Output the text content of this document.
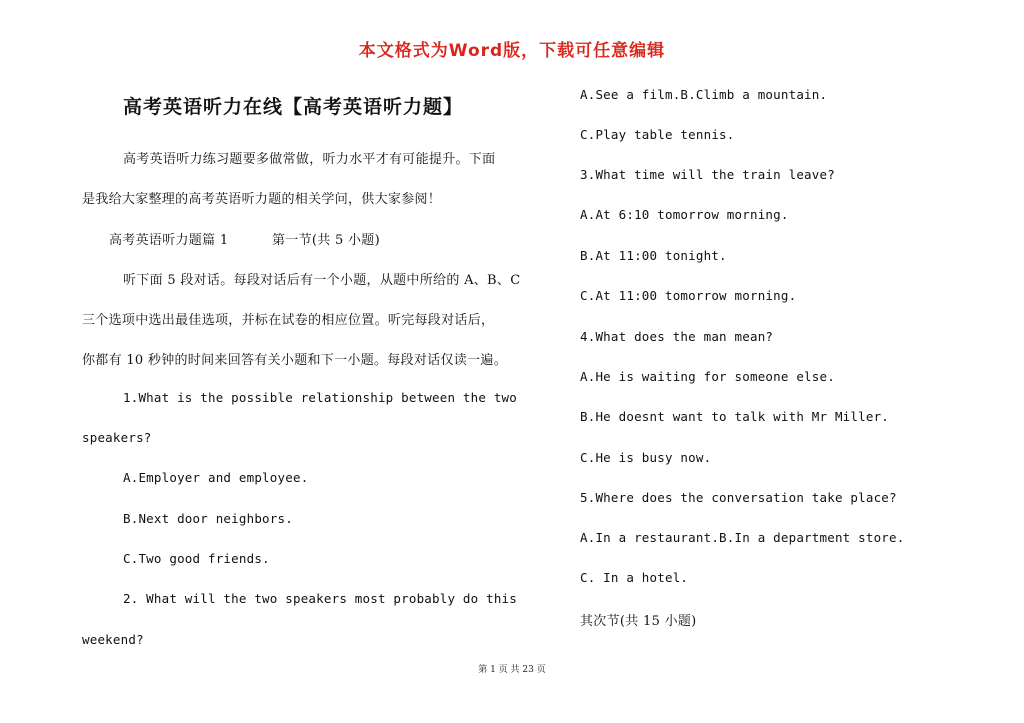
本文格式为Word版，下载可任意编辑
高考英语听力在线【高考英语听力题】
高考英语听力练习题要多做常做，听力水平才有可能提升。下面
是我给大家整理的高考英语听力题的相关学问，供大家参阅！
高考英语听力题篇 1	第一节(共 5 小题)
听下面 5 段对话。每段对话后有一个小题，从题中所给的 A、B、C
三个选项中选出最佳选项，并标在试卷的相应位置。听完每段对话后，
你都有 10 秒钟的时间来回答有关小题和下一小题。每段对话仅读一遍。
1.What is the possible relationship between the two
speakers?
A.Employer and employee.
B.Next door neighbors.
C.Two good friends.
2. What will the two speakers most probably do this
weekend?
A.See a film.B.Climb a mountain.
C.Play table tennis.
3.What time will the train leave?
A.At 6:10 tomorrow morning.
B.At 11:00 tonight.
C.At 11:00 tomorrow morning.
4.What does the man mean?
A.He is waiting for someone else.
B.He doesnt want to talk with Mr Miller.
C.He is busy now.
5.Where does the conversation take place?
A.In a restaurant.B.In a department store.
C. In a hotel.
其次节(共 15 小题)
第 1 页 共 23 页
